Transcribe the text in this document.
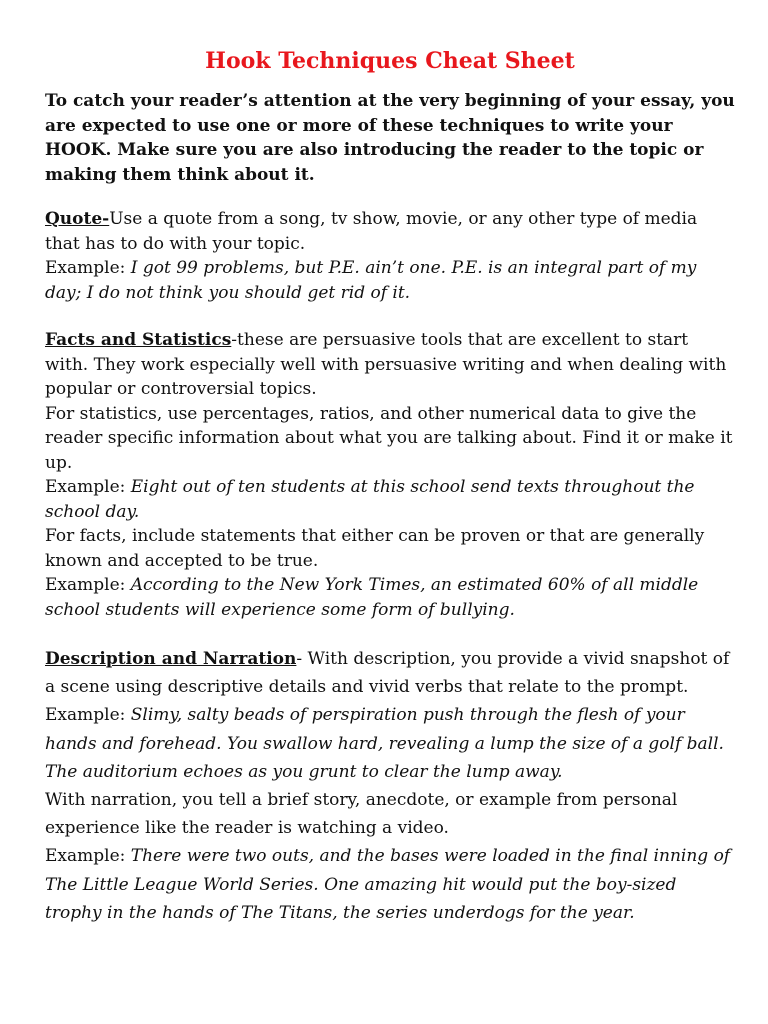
Hook Techniques Cheat Sheet

To catch your reader’s attention at the very beginning of your essay, you are expected to use one or more of these techniques to write your HOOK. Make sure you are also introducing the reader to the topic or making them think about it.

Quote-Use a quote from a song, tv show, movie, or any other type of media that has to do with your topic.

Example: I got 99 problems, but P.E. ain’t one. P.E. is an integral part of my day; I do not think you should get rid of it.

Facts and Statistics-these are persuasive tools that are excellent to start with. They work especially well with persuasive writing and when dealing with popular or controversial topics.

For statistics, use percentages, ratios, and other numerical data to give the reader specific information about what you are talking about. Find it or make it up.

Example: Eight out of ten students at this school send texts throughout the school day.

For facts, include statements that either can be proven or that are generally known and accepted to be true.

Example: According to the New York Times, an estimated 60% of all middle school students will experience some form of bullying.

Description and Narration- With description, you provide a vivid snapshot of a scene using descriptive details and vivid verbs that relate to the prompt.

Example: Slimy, salty beads of perspiration push through the flesh of your hands and forehead. You swallow hard, revealing a lump the size of a golf ball. The auditorium echoes as you grunt to clear the lump away.

With narration, you tell a brief story, anecdote, or example from personal experience like the reader is watching a video.

Example: There were two outs, and the bases were loaded in the final inning of The Little League World Series. One amazing hit would put the boy-sized trophy in the hands of The Titans, the series underdogs for the year.
